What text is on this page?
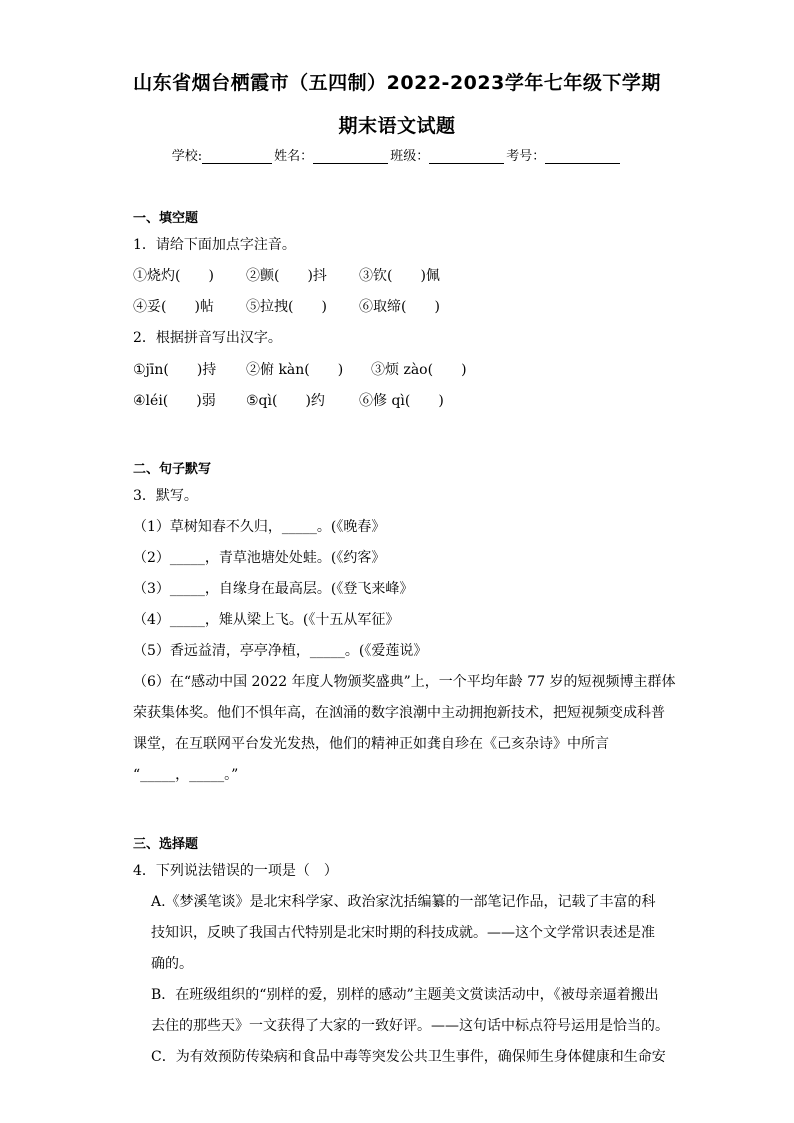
山东省烟台栖霞市（五四制）2022-2023学年七年级下学期
期末语文试题
学校:	姓名：	班级：	考号：
一、填空题
1．请给下面加点字注音。
①烧灼(　　) ②颤(　　)抖 ③钦(　　)佩
④妥(　　)帖 ⑤拉拽(　　) ⑥取缔(　　)
2．根据拼音写出汉字。
①jīn(　　)持 ②俯 kàn(　　) ③烦 zào(　　)
④léi(　　)弱 ⑤qì(　　)约 ⑥修 qì(　　)
二、句子默写
3．默写。
（1）草树知春不久归，_____。(《晚春》
（2）_____，青草池塘处处蛙。(《约客》
（3）_____，自缘身在最高层。(《登飞来峰》
（4）_____，雉从梁上飞。(《十五从军征》
（5）香远益清，亭亭净植，_____。(《爱莲说》
（6）在“感动中国 2022 年度人物颁奖盛典”上，一个平均年龄 77 岁的短视频博主群体
荣获集体奖。他们不惧年高，在汹涌的数字浪潮中主动拥抱新技术，把短视频变成科普
课堂，在互联网平台发光发热，他们的精神正如龚自珍在《己亥杂诗》中所言
“_____，_____。”
三、选择题
4．下列说法错误的一项是（　）
A.《梦溪笔谈》是北宋科学家、政治家沈括编纂的一部笔记作品，记载了丰富的科
技知识，反映了我国古代特别是北宋时期的科技成就。——这个文学常识表述是准
确的。
B．在班级组织的“别样的爱，别样的感动”主题美文赏读活动中，《被母亲逼着搬出
去住的那些天》一文获得了大家的一致好评。——这句话中标点符号运用是恰当的。
C．为有效预防传染病和食品中毒等突发公共卫生事件，确保师生身体健康和生命安
